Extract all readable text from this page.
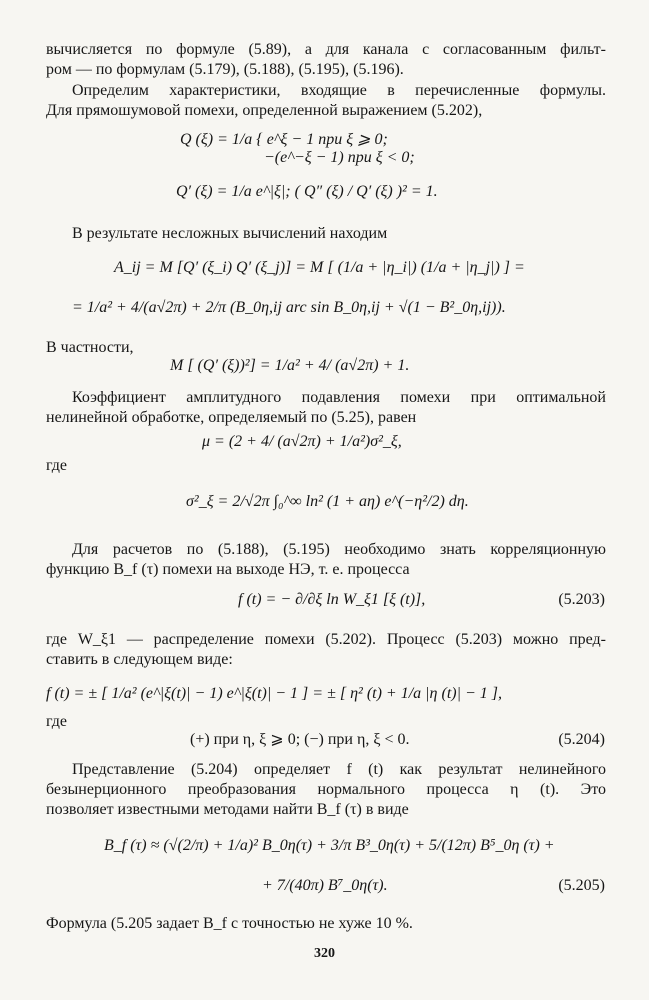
вычисляется по формуле (5.89), а для канала с согласованным фильт-
ром — по формулам (5.179), (5.188), (5.195), (5.196).
Определим характеристики, входящие в перечисленные формулы.
Для прямошумовой помехи, определенной выражением (5.202),
Q (ξ) = 1/a { e^ξ − 1 при ξ ⩾ 0;
−(e^−ξ − 1) при ξ < 0;
Q′ (ξ) = 1/a e^|ξ|; ( Q″ (ξ) / Q′ (ξ) )² = 1.
В результате несложных вычислений находим
A_ij = M [Q′ (ξ_i) Q′ (ξ_j)] = M [ (1/a + |η_i|) (1/a + |η_j|) ] =
= 1/a² + 4/(a√2π) + 2/π (B_0η,ij arc sin B_0η,ij + √(1 − B²_0η,ij)).
В частности,
M [ (Q′ (ξ))²] = 1/a² + 4/ (a√2π) + 1.
Коэффициент амплитудного подавления помехи при оптимальной
нелинейной обработке, определяемый по (5.25), равен
μ = (2 + 4/ (a√2π) + 1/a²)σ²_ξ,
где
σ²_ξ = 2/√2π ∫₀^∞ ln² (1 + aη) e^(−η²/2) dη.
Для расчетов по (5.188), (5.195) необходимо знать корреляционную
функцию B_f (τ) помехи на выходе НЭ, т. е. процесса
f (t) = − ∂/∂ξ ln W_ξ1 [ξ (t)],	(5.203)
где W_ξ1 — распределение помехи (5.202). Процесс (5.203) можно пред-
ставить в следующем виде:
f (t) = ± [ 1/a² (e^|ξ(t)| − 1) e^|ξ(t)| − 1 ] = ± [ η² (t) + 1/a |η (t)| − 1 ],
где
(+) при η, ξ ⩾ 0; (−) при η, ξ < 0.	(5.204)
Представление (5.204) определяет f (t) как результат нелинейного
безынерционного преобразования нормального процесса η (t). Это
позволяет известными методами найти B_f (τ) в виде
B_f (τ) ≈ (√(2/π) + 1/a)² B_0η(τ) + 3/π B³_0η(τ) + 5/(12π) B⁵_0η (τ) +
+ 7/(40π) B⁷_0η(τ).	(5.205)
Формула (5.205 задает B_f с точностью не хуже 10 %.
320
